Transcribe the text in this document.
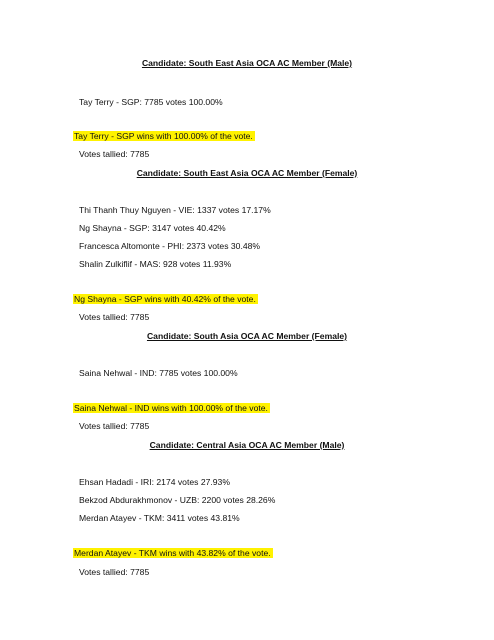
Candidate: South East Asia OCA AC Member (Male)
Tay Terry - SGP: 7785 votes 100.00%
Tay Terry - SGP wins with 100.00% of the vote.
Votes tallied: 7785
Candidate: South East Asia OCA AC Member (Female)
Thi Thanh Thuy Nguyen - VIE: 1337 votes 17.17%
Ng Shayna - SGP: 3147 votes 40.42%
Francesca Altomonte - PHI: 2373 votes 30.48%
Shalin Zulkiflif - MAS: 928 votes 11.93%
Ng Shayna - SGP wins with 40.42% of the vote.
Votes tallied: 7785
Candidate: South Asia OCA AC Member (Female)
Saina Nehwal - IND: 7785 votes 100.00%
Saina Nehwal - IND wins with 100.00% of the vote.
Votes tallied: 7785
Candidate: Central Asia OCA AC Member (Male)
Ehsan Hadadi - IRI: 2174 votes 27.93%
Bekzod Abdurakhmonov - UZB: 2200 votes 28.26%
Merdan Atayev - TKM: 3411 votes 43.81%
Merdan Atayev - TKM wins with 43.82% of the vote.
Votes tallied: 7785
